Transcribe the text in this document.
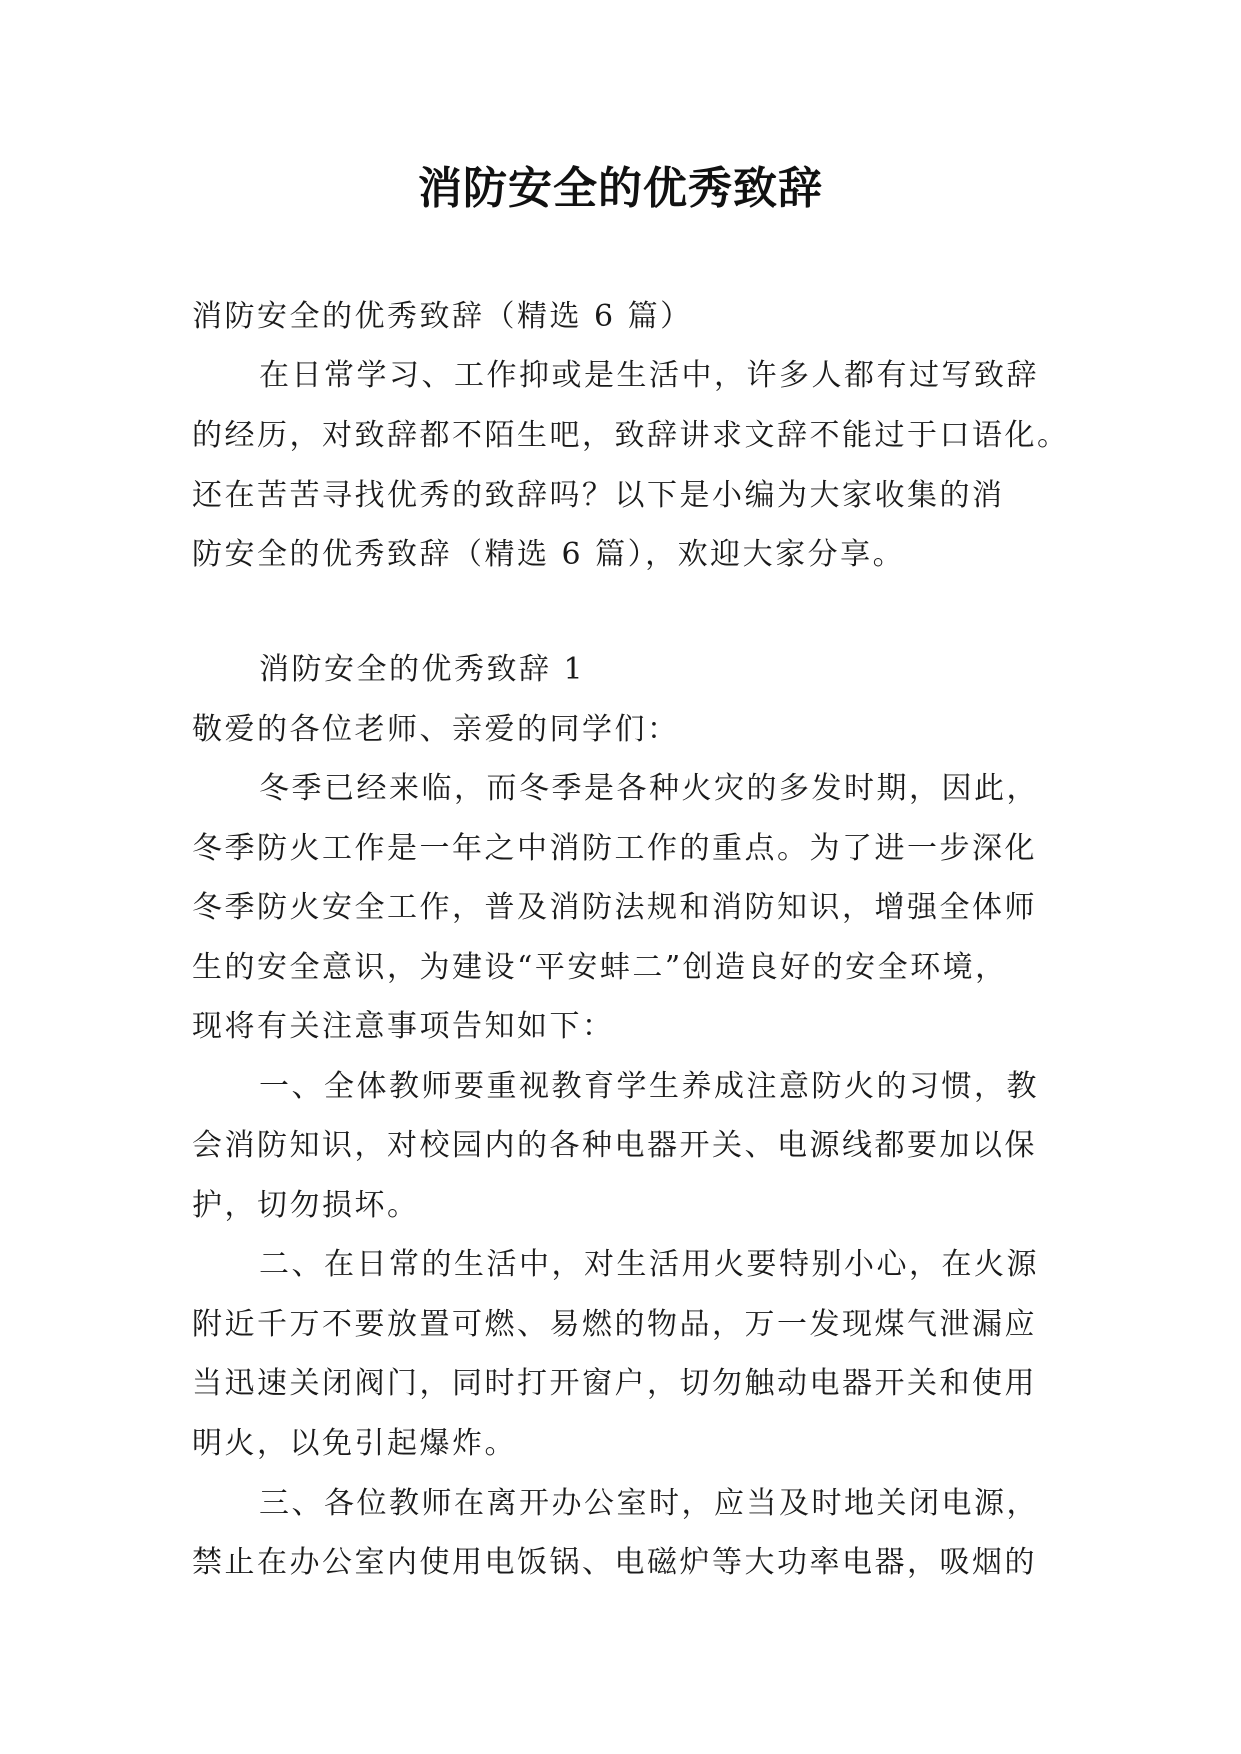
消防安全的优秀致辞
消防安全的优秀致辞（精选 6 篇）
在日常学习、工作抑或是生活中，许多人都有过写致辞
的经历，对致辞都不陌生吧，致辞讲求文辞不能过于口语化。
还在苦苦寻找优秀的致辞吗？以下是小编为大家收集的消
防安全的优秀致辞（精选 6 篇），欢迎大家分享。
消防安全的优秀致辞 1
敬爱的各位老师、亲爱的同学们：
冬季已经来临，而冬季是各种火灾的多发时期，因此，
冬季防火工作是一年之中消防工作的重点。为了进一步深化
冬季防火安全工作，普及消防法规和消防知识，增强全体师
生的安全意识，为建设“平安蚌二”创造良好的安全环境，
现将有关注意事项告知如下：
一、全体教师要重视教育学生养成注意防火的习惯，教
会消防知识，对校园内的各种电器开关、电源线都要加以保
护，切勿损坏。
二、在日常的生活中，对生活用火要特别小心，在火源
附近千万不要放置可燃、易燃的物品，万一发现煤气泄漏应
当迅速关闭阀门，同时打开窗户，切勿触动电器开关和使用
明火，以免引起爆炸。
三、各位教师在离开办公室时，应当及时地关闭电源，
禁止在办公室内使用电饭锅、电磁炉等大功率电器，吸烟的
